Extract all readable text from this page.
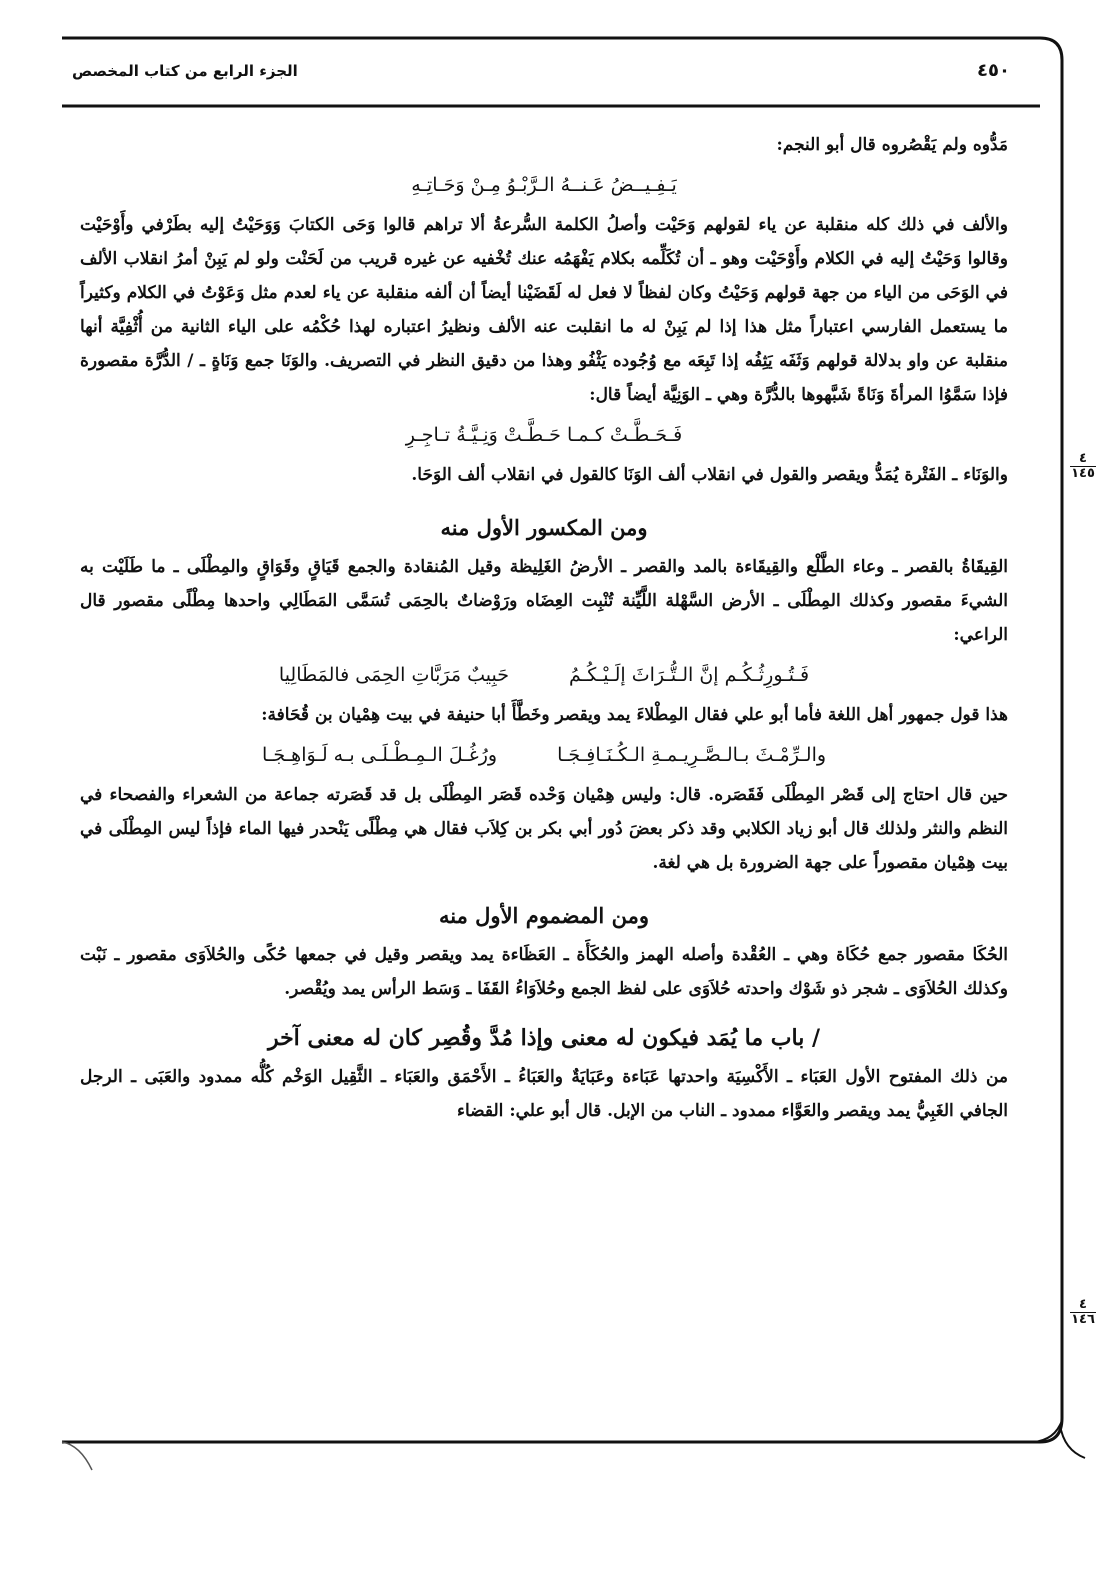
الجزء الرابع من كتاب المخصص	٤٥٠
٤
١٤٥
٤
١٤٦

مَدُّوه ولم يَقْصُروه قال أبو النجم:

يَـفِـيــضُ عَـنــهُ الـرَّبْـوُ مِـنْ وَحَـاتِـهِ

والألف في ذلك كله منقلبة عن ياء لقولهم وَحَيْت وأصلُ الكلمة السُّرعةُ ألا تراهم قالوا وَحَى الكتابَ وَوَحَيْتُ إليه بطَرْفي وأَوْحَيْت وقالوا وَحَيْتُ إليه في الكلام وأَوْحَيْت وهو ـ أن تُكَلِّمه بكلام يَفْهَمُه عنك تُخْفيه عن غيره قريب من لَحَنْت ولو لم يَبِنْ أمرُ انقلاب الألف في الوَحَى من الياء من جهة قولهم وَحَيْتُ وكان لفظاً لا فعل له لَقَضَيْنا أيضاً أن ألفه منقلبة عن ياء لعدم مثل وَعَوْتُ في الكلام وكثيراً ما يستعمل الفارسي اعتباراً مثل هذا إذا لم يَبِنْ له ما انقلبت عنه الألف ونظيرُ اعتباره لهذا حُكْمُه على الياء الثانية من أُثْفِيَّة أنها منقلبة عن واو بدلالة قولهم وَثَفَه يَثِفُه إذا تَبِعَه مع وُجُوده يَثْفُو وهذا من دقيق النظر في التصريف. والوَنَا جمع وَنَاةٍ ـ / الدُّرَّة مقصورة فإذا سَمَّوُا المرأةَ وَنَاةً شَبَّهوها بالدُّرَّة وهي ـ الوَنِيَّة أيضاً قال:

فَـحَـطَّـتْ كـمـا حَـطَّـتْ وَنِـيَّـةُ تـاجِـرِ

والوَنَاء ـ الفَتْرة يُمَدُّ ويقصر والقول في انقلاب ألف الوَنَا كالقول في انقلاب ألف الوَحَا.

ومن المكسور الأول منه

القِيقَاةُ بالقصر ـ وعاء الطَّلْع والقِيقَاءة بالمد والقصر ـ الأرضُ الغَلِيظة وقيل المُنقادة والجمع قَيَاقٍ وقَوَاقٍ والمِطْلَى ـ ما طَلَيْت به الشيءَ مقصور وكذلك المِطْلَى ـ الأرض السَّهْلة اللَّيِّنة تُنْبِت العِضَاه ورَوْضاتٌ بالحِمَى تُسَمَّى المَطَالِي واحدها مِطْلًى مقصور قال الراعي:

فَـتُـورِثُـكُـم إنَّ الـتُّـرَاثَ إلَـيْـكُـمُ
حَبِيبٌ مَرَبَّاتِ الحِمَى فالمَطَالِيا

هذا قول جمهور أهل اللغة فأما أبو علي فقال المِطْلاءَ يمد ويقصر وخَطَّأَ أبا حنيفة في بيت هِمْيان بن قُحَافة:

والـرِّمْـثَ بـالـصَّـرِيـمـةِ الـكُـنَـافِـجَـا
ورُغُـلَ الـمِـطْـلَـى بـه لَـوَاهِـجَـا

حين قال احتاج إلى قَصْر المِطْلَى فَقَصَره. قال: وليس هِمْيان وَحْده قَصَر المِطْلَى بل قد قَصَرته جماعة من الشعراء والفصحاء في النظم والنثر ولذلك قال أبو زياد الكلابي وقد ذكر بعضَ دُور أبي بكر بن كِلاَب فقال هي مِطْلًى يَنْحدر فيها الماء فإذاً ليس المِطْلَى في بيت هِمْيان مقصوراً على جهة الضرورة بل هي لغة.

ومن المضموم الأول منه

الحُكَا مقصور جمع حُكَاة وهي ـ العُقْدة وأصله الهمز والحُكَأَة ـ العَظَاءة يمد ويقصر وقيل في جمعها حُكًى والحُلاَوَى مقصور ـ نَبْت وكذلك الحُلاَوَى ـ شجر ذو شَوْك واحدته حُلاَوَى على لفظ الجمع وحُلاَوَاءُ القَفَا ـ وَسَط الرأس يمد ويُقْصر.

/ باب ما يُمَد فيكون له معنى وإذا مُدَّ وقُصِر كان له معنى آخر

من ذلك المفتوح الأول العَبَاء ـ الأَكْسِيَة واحدتها عَبَاءة وعَبَايَةٌ والعَبَاءُ ـ الأَحْمَق والعَبَاء ـ الثَّقِيل الوَخْم كُلُّه ممدود والعَبَى ـ الرجل الجافي الغَبِيُّ يمد ويقصر والعَوَّاء ممدود ـ الناب من الإبل. قال أبو علي: القضاء
